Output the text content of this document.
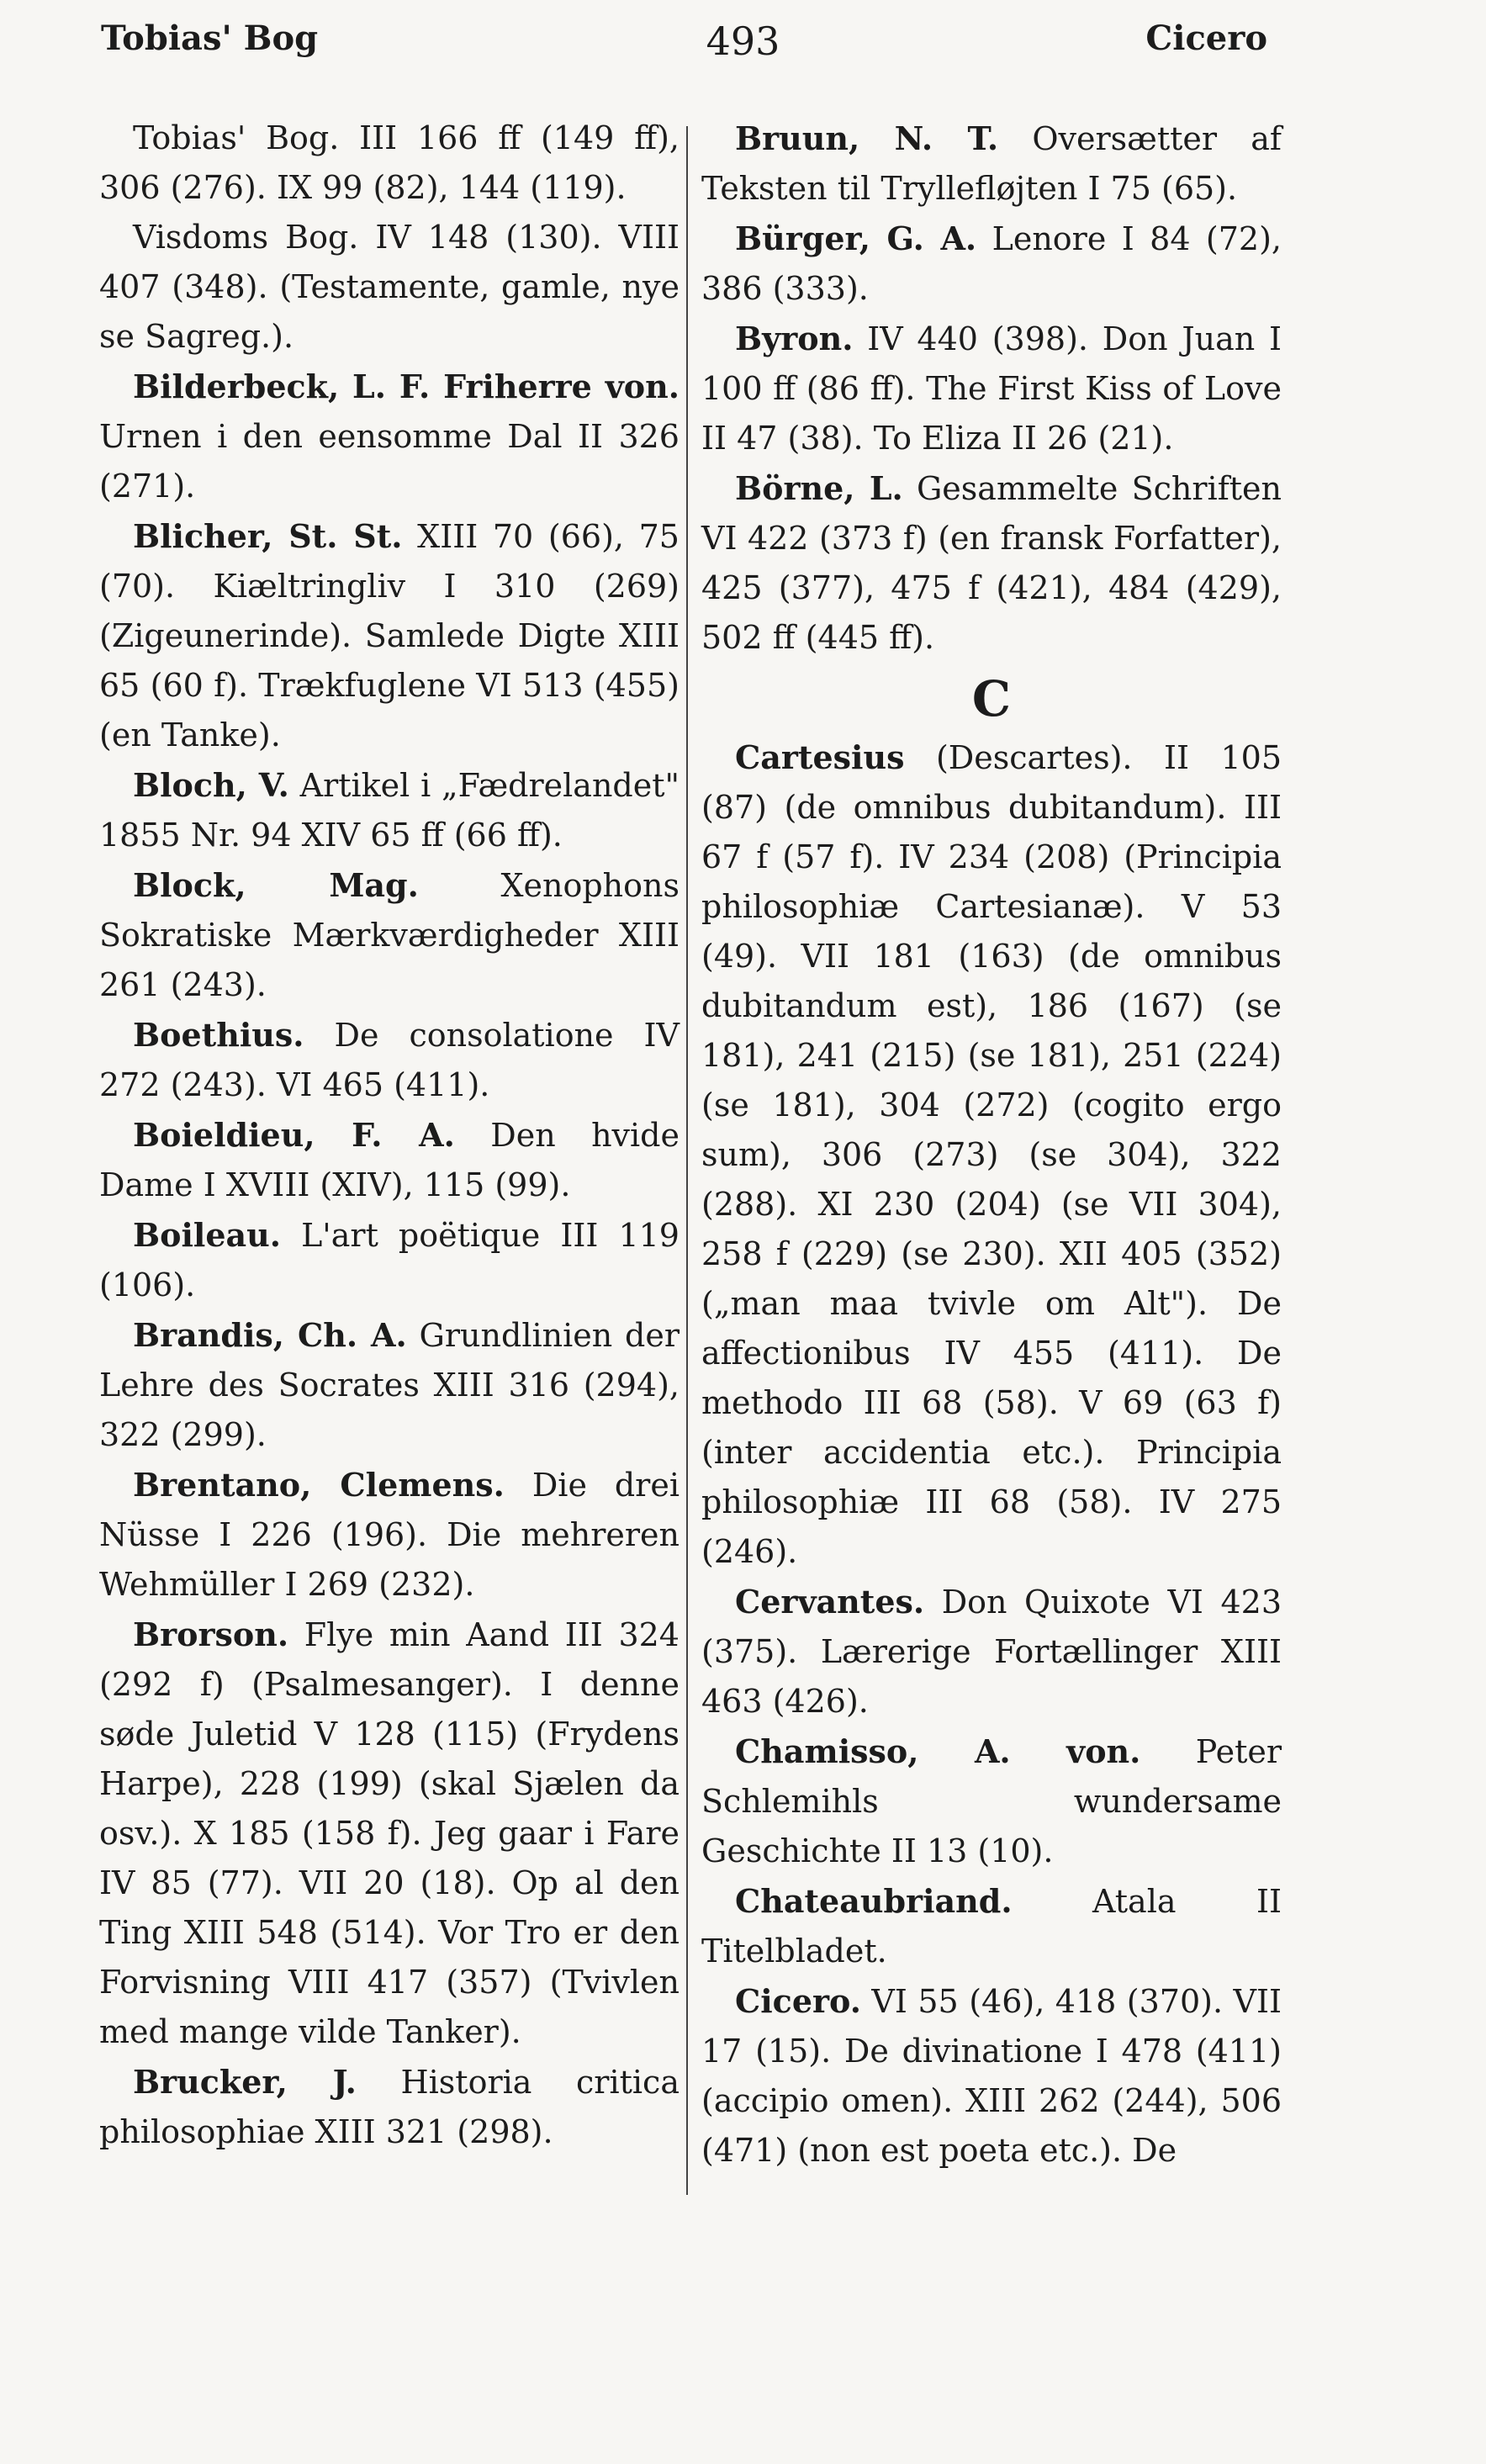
Tobias' Bog	493	Cicero

Tobias' Bog. III 166 ff (149 ff), 306 (276). IX 99 (82), 144 (119).

Visdoms Bog. IV 148 (130). VIII 407 (348). (Testamente, gamle, nye se Sagreg.).

Bilderbeck, L. F. Friherre von. Urnen i den eensomme Dal II 326 (271).

Blicher, St. St. XIII 70 (66), 75 (70). Kiæltringliv I 310 (269) (Zigeunerinde). Samlede Digte XIII 65 (60 f). Trækfuglene VI 513 (455) (en Tanke).

Bloch, V. Artikel i „Fædrelandet" 1855 Nr. 94 XIV 65 ff (66 ff).

Block, Mag.	Xenophons Sokratiske Mærkværdigheder XIII 261 (243).

Boethius. De consolatione IV 272 (243). VI 465 (411).

Boieldieu, F. A. Den hvide Dame I XVIII (XIV), 115 (99).

Boileau. L'art poëtique III 119 (106).

Brandis, Ch. A. Grundlinien der Lehre des Socrates XIII 316 (294), 322 (299).

Brentano, Clemens. Die drei Nüsse I 226 (196). Die mehreren Wehmüller I 269 (232).

Brorson. Flye min Aand III 324 (292 f) (Psalmesanger). I denne søde Juletid V 128 (115) (Frydens Harpe), 228 (199) (skal Sjælen da osv.). X 185 (158 f). Jeg gaar i Fare IV 85 (77). VII 20 (18). Op al den Ting XIII 548 (514). Vor Tro er den Forvisning VIII 417 (357) (Tvivlen med mange vilde Tanker).

Brucker, J. Historia critica philosophiae XIII 321 (298).

Bruun, N. T. Oversætter af Teksten til Tryllefløjten I 75 (65).

Bürger, G. A. Lenore I 84 (72), 386 (333).

Byron. IV 440 (398). Don Juan I 100 ff (86 ff). The First Kiss of Love II 47 (38). To Eliza II 26 (21).

Börne, L. Gesammelte Schriften VI 422 (373 f) (en fransk Forfatter), 425 (377), 475 f (421), 484 (429), 502 ff (445 ff).

C

Cartesius (Descartes). II 105 (87) (de omnibus dubitandum). III 67 f (57 f). IV 234 (208) (Principia philosophiæ Cartesianæ). V 53 (49). VII 181 (163) (de omnibus dubitandum est), 186 (167) (se 181), 241 (215) (se 181), 251 (224) (se 181), 304 (272) (cogito ergo sum), 306 (273) (se 304), 322 (288). XI 230 (204) (se VII 304), 258 f (229) (se 230). XII 405 (352) („man maa tvivle om Alt"). De affectionibus IV 455 (411). De methodo III 68 (58). V 69 (63 f) (inter accidentia etc.). Principia philosophiæ III 68 (58). IV 275 (246).

Cervantes. Don Quixote VI 423 (375). Lærerige Fortællinger XIII 463 (426).

Chamisso, A. von. Peter Schlemihls wundersame Geschichte II 13 (10).

Chateaubriand.	Atala II Titelbladet.

Cicero. VI 55 (46), 418 (370). VII 17 (15). De divinatione I 478 (411) (accipio omen). XIII 262 (244), 506 (471) (non est poeta etc.). De
